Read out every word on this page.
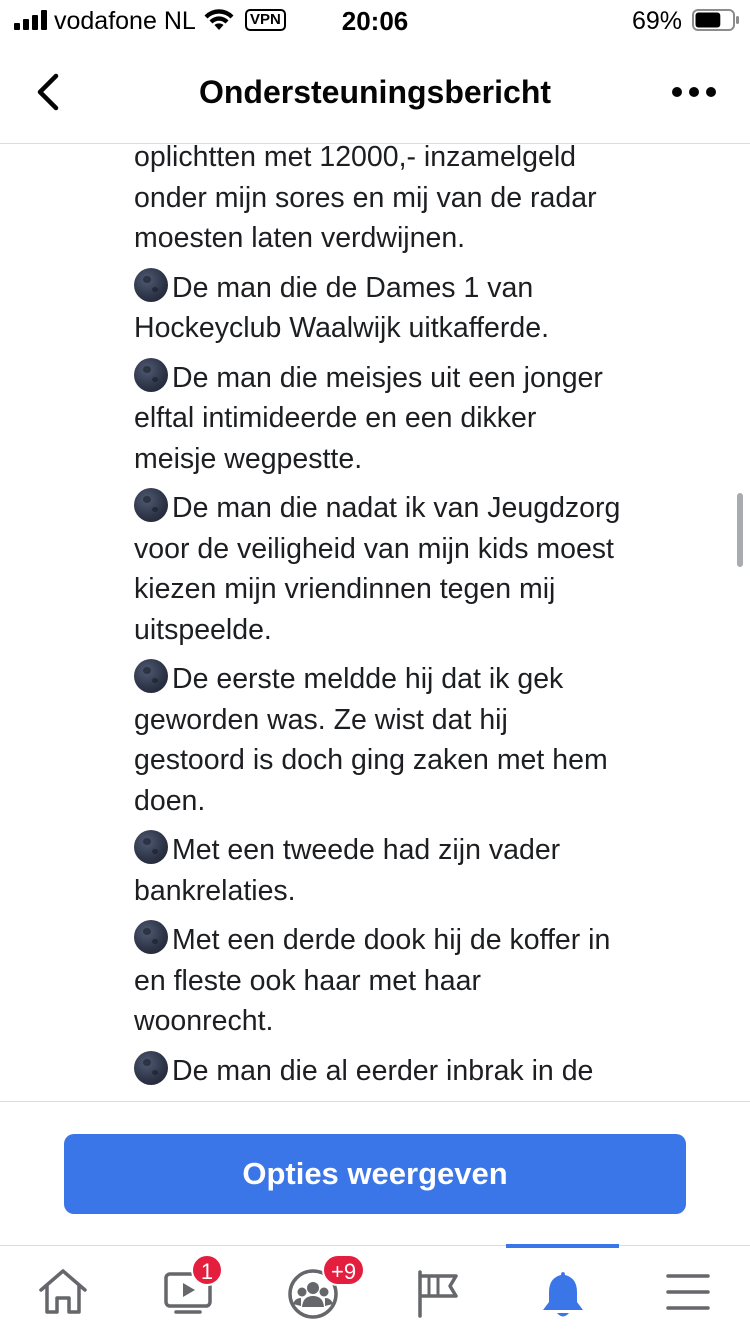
vodafone NL	VPN	20:06	69%
Ondersteuningsbericht
oplichtten met 12000,- inzamelgeld
onder mijn sores en mij van de radar
moesten laten verdwijnen.
De man die de Dames 1 van
Hockeyclub Waalwijk uitkafferde.
De man die meisjes uit een jonger
elftal intimideerde en een dikker
meisje wegpestte.
De man die nadat ik van Jeugdzorg
voor de veiligheid van mijn kids moest
kiezen mijn vriendinnen tegen mij
uitspeelde.
De eerste meldde hij dat ik gek
geworden was. Ze wist dat hij
gestoord is doch ging zaken met hem
doen.
Met een tweede had zijn vader
bankrelaties.
Met een derde dook hij de koffer in
en fleste ook haar met haar
woonrecht.
De man die al eerder inbrak in de
Opties weergeven
1	+9
